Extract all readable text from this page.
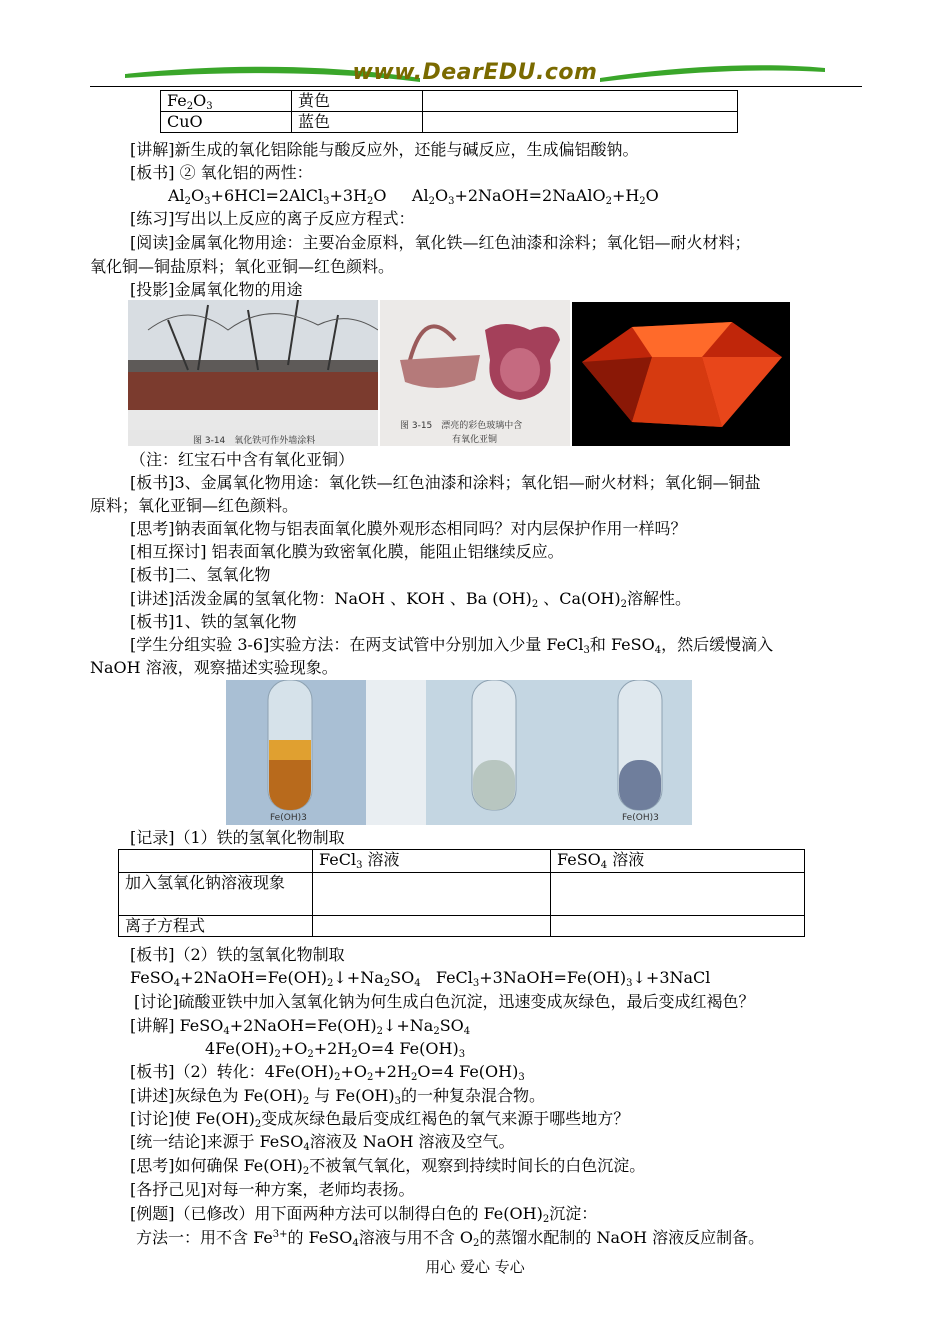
www.DearEDU.com
$Fe_2O_3$	黄色	
CuO	蓝色	
[讲解]新生成的氧化铝除能与酸反应外，还能与碱反应，生成偏铝酸钠。
[板书] ② 氧化铝的两性：
$Al_2O_3+6HCl=2AlCl_3+3H_2O$     $Al_2O_3+2NaOH=2NaAlO_2+H_2O$
[练习]写出以上反应的离子反应方程式：
[阅读]金属氧化物用途：主要冶金原料，氧化铁—红色油漆和涂料；氧化铝—耐火材料；
氧化铜—铜盐原料；氧化亚铜—红色颜料。
[投影]金属氧化物的用途
图 3-14　氧化铁可作外墙涂料
图 3-15　漂亮的彩色玻璃中含
有氧化亚铜
（注：红宝石中含有氧化亚铜）
[板书]3、金属氧化物用途：氧化铁—红色油漆和涂料；氧化铝—耐火材料；氧化铜—铜盐
原料；氧化亚铜—红色颜料。
[思考]钠表面氧化物与铝表面氧化膜外观形态相同吗？对内层保护作用一样吗？
[相互探讨] 铝表面氧化膜为致密氧化膜，能阻止铝继续反应。
[板书]二、氢氧化物
[讲述]活泼金属的氢氧化物：NaOH 、KOH 、Ba $(OH)_2$ 、$Ca(OH)_2$溶解性。
[板书]1、铁的氢氧化物
[学生分组实验 3-6]实验方法：在两支试管中分别加入少量 FeCl$_3$和 FeSO$_4$，然后缓慢滴入
NaOH 溶液，观察描述实验现象。
Fe(OH)3	Fe(OH)3
[记录]（1）铁的氢氧化物制取
	FeCl$_3$ 溶液	FeSO$_4$ 溶液
加入氢氧化钠溶液现象		
离子方程式		
[板书]（2）铁的氢氧化物制取
$FeSO_4+2NaOH=Fe(OH)_2↓+Na_2SO_4$   $FeCl_3+3NaOH=Fe(OH)_3↓+3NaCl$
[讨论]硫酸亚铁中加入氢氧化钠为何生成白色沉淀，迅速变成灰绿色，最后变成红褐色？
[讲解] $FeSO_4+2NaOH=Fe(OH)_2↓+Na_2SO_4$
$4Fe(OH)_2+O_2+2H_2O=4$ $Fe(OH)_3$
[板书]（2）转化：$4Fe(OH)_2+O_2+2H_2O=4$ $Fe(OH)_3$
[讲述]灰绿色为 $Fe(OH)_2$ 与 $Fe(OH)_3$的一种复杂混合物。
[讨论]使 $Fe(OH)_2$变成灰绿色最后变成红褐色的氧气来源于哪些地方？
[统一结论]来源于 FeSO$_4$溶液及 NaOH 溶液及空气。
[思考]如何确保 $Fe(OH)_2$不被氧气氧化，观察到持续时间长的白色沉淀。
[各抒己见]对每一种方案，老师均表扬。
[例题]（已修改）用下面两种方法可以制得白色的 $Fe(OH)_2$沉淀：
方法一：用不含 $Fe^{3+}$的 FeSO$_4$溶液与用不含 $O_2$的蒸馏水配制的 NaOH 溶液反应制备。
用心 爱心 专心
